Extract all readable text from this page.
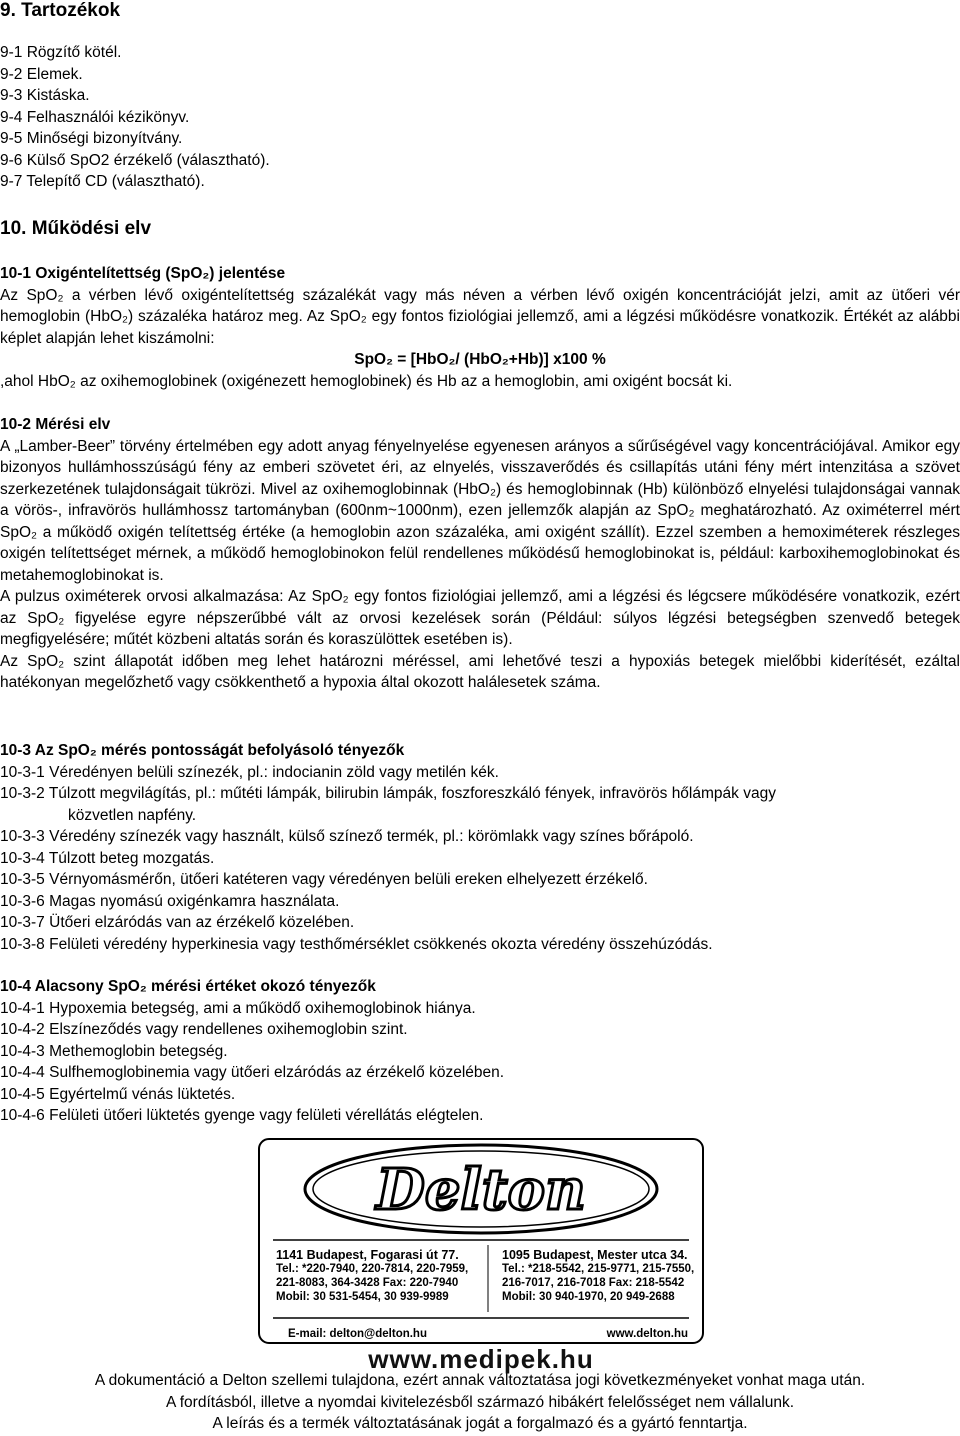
9. Tartozékok

9-1 Rögzítő kötél.

9-2 Elemek.

9-3 Kistáska.

9-4 Felhasználói kézikönyv.

9-5 Minőségi bizonyítvány.

9-6 Külső SpO2 érzékelő (választható).

9-7 Telepítő CD (választható).

10. Működési elv

10-1 Oxigéntelítettség (SpO₂) jelentése

Az SpO₂ a vérben lévő oxigéntelítettség százalékát vagy más néven a vérben lévő oxigén koncentrációját jelzi, amit az ütőeri vér hemoglobin (HbO₂) százaléka határoz meg. Az SpO₂ egy fontos fiziológiai jellemző, ami a légzési működésre vonatkozik. Értékét az alábbi képlet alapján lehet kiszámolni:

SpO₂ = [HbO₂/ (HbO₂+Hb)] x100 %

,ahol HbO₂ az oxihemoglobinek (oxigénezett hemoglobinek) és Hb az a hemoglobin, ami oxigént bocsát ki.

10-2 Mérési elv

A „Lamber-Beer” törvény értelmében egy adott anyag fényelnyelése egyenesen arányos a sűrűségével vagy koncentrációjával. Amikor egy bizonyos hullámhosszúságú fény az emberi szövetet éri, az elnyelés, visszaverődés és csillapítás utáni fény mért intenzitása a szövet szerkezetének tulajdonságait tükrözi. Mivel az oxihemoglobinnak (HbO₂) és hemoglobinnak (Hb) különböző elnyelési tulajdonságai vannak a vörös-, infravörös hullámhossz tartományban (600nm~1000nm), ezen jellemzők alapján az SpO₂ meghatározható. Az oximéterrel mért SpO₂ a működő oxigén telítettség értéke (a hemoglobin azon százaléka, ami oxigént szállít). Ezzel szemben a hemoximéterek részleges oxigén telítettséget mérnek, a működő hemoglobinokon felül rendellenes működésű hemoglobinokat is, például: karboxihemoglobinokat és metahemoglobinokat is.

A pulzus oximéterek orvosi alkalmazása: Az SpO₂ egy fontos fiziológiai jellemző, ami a légzési és légcsere működésére vonatkozik, ezért az SpO₂ figyelése egyre népszerűbbé vált az orvosi kezelések során (Például: súlyos légzési betegségben szenvedő betegek megfigyelésére; műtét közbeni altatás során és koraszülöttek esetében is).

Az SpO₂ szint állapotát időben meg lehet határozni méréssel, ami lehetővé teszi a hypoxiás betegek mielőbbi kiderítését, ezáltal hatékonyan megelőzhető vagy csökkenthető a hypoxia által okozott halálesetek száma.

10-3 Az SpO₂ mérés pontosságát befolyásoló tényezők

10-3-1 Véredényen belüli színezék, pl.: indocianin zöld vagy metilén kék.

10-3-2 Túlzott megvilágítás, pl.: műtéti lámpák, bilirubin lámpák, foszforeszkáló fények, infravörös hőlámpák vagy
közvetlen napfény.

10-3-3 Véredény színezék vagy használt, külső színező termék, pl.: körömlakk vagy színes bőrápoló.

10-3-4 Túlzott beteg mozgatás.

10-3-5 Vérnyomásmérőn, ütőeri katéteren vagy véredényen belüli ereken elhelyezett érzékelő.

10-3-6 Magas nyomású oxigénkamra használata.

10-3-7 Ütőeri elzáródás van az érzékelő közelében.

10-3-8 Felületi véredény hyperkinesia vagy testhőmérséklet csökkenés okozta véredény összehúzódás.

10-4 Alacsony SpO₂ mérési értéket okozó tényezők

10-4-1 Hypoxemia betegség, ami a működő oxihemoglobinok hiánya.

10-4-2 Elszíneződés vagy rendellenes oxihemoglobin szint.

10-4-3 Methemoglobin betegség.

10-4-4 Sulfhemoglobinemia vagy ütőeri elzáródás az érzékelő közelében.

10-4-5 Egyértelmű vénás lüktetés.

10-4-6 Felületi ütőeri lüktetés gyenge vagy felületi vérellátás elégtelen.

Delton
1141 Budapest, Fogarasi út 77.
Tel.: *220-7940, 220-7814, 220-7959,
221-8083, 364-3428 Fax: 220-7940
Mobil: 30 531-5454, 30 939-9989
1095 Budapest, Mester utca 34.
Tel.: *218-5542, 215-9771, 215-7550,
216-7017, 216-7018 Fax: 218-5542
Mobil: 30 940-1970, 20 949-2688
E-mail: delton@delton.hu	www.delton.hu
www.medipek.hu

A dokumentáció a Delton szellemi tulajdona, ezért annak változtatása jogi következményeket vonhat maga után.

A fordításból, illetve a nyomdai kivitelezésből származó hibákért felelősséget nem vállalunk.

A leírás és a termék változtatásának jogát a forgalmazó és a gyártó fenntartja.
